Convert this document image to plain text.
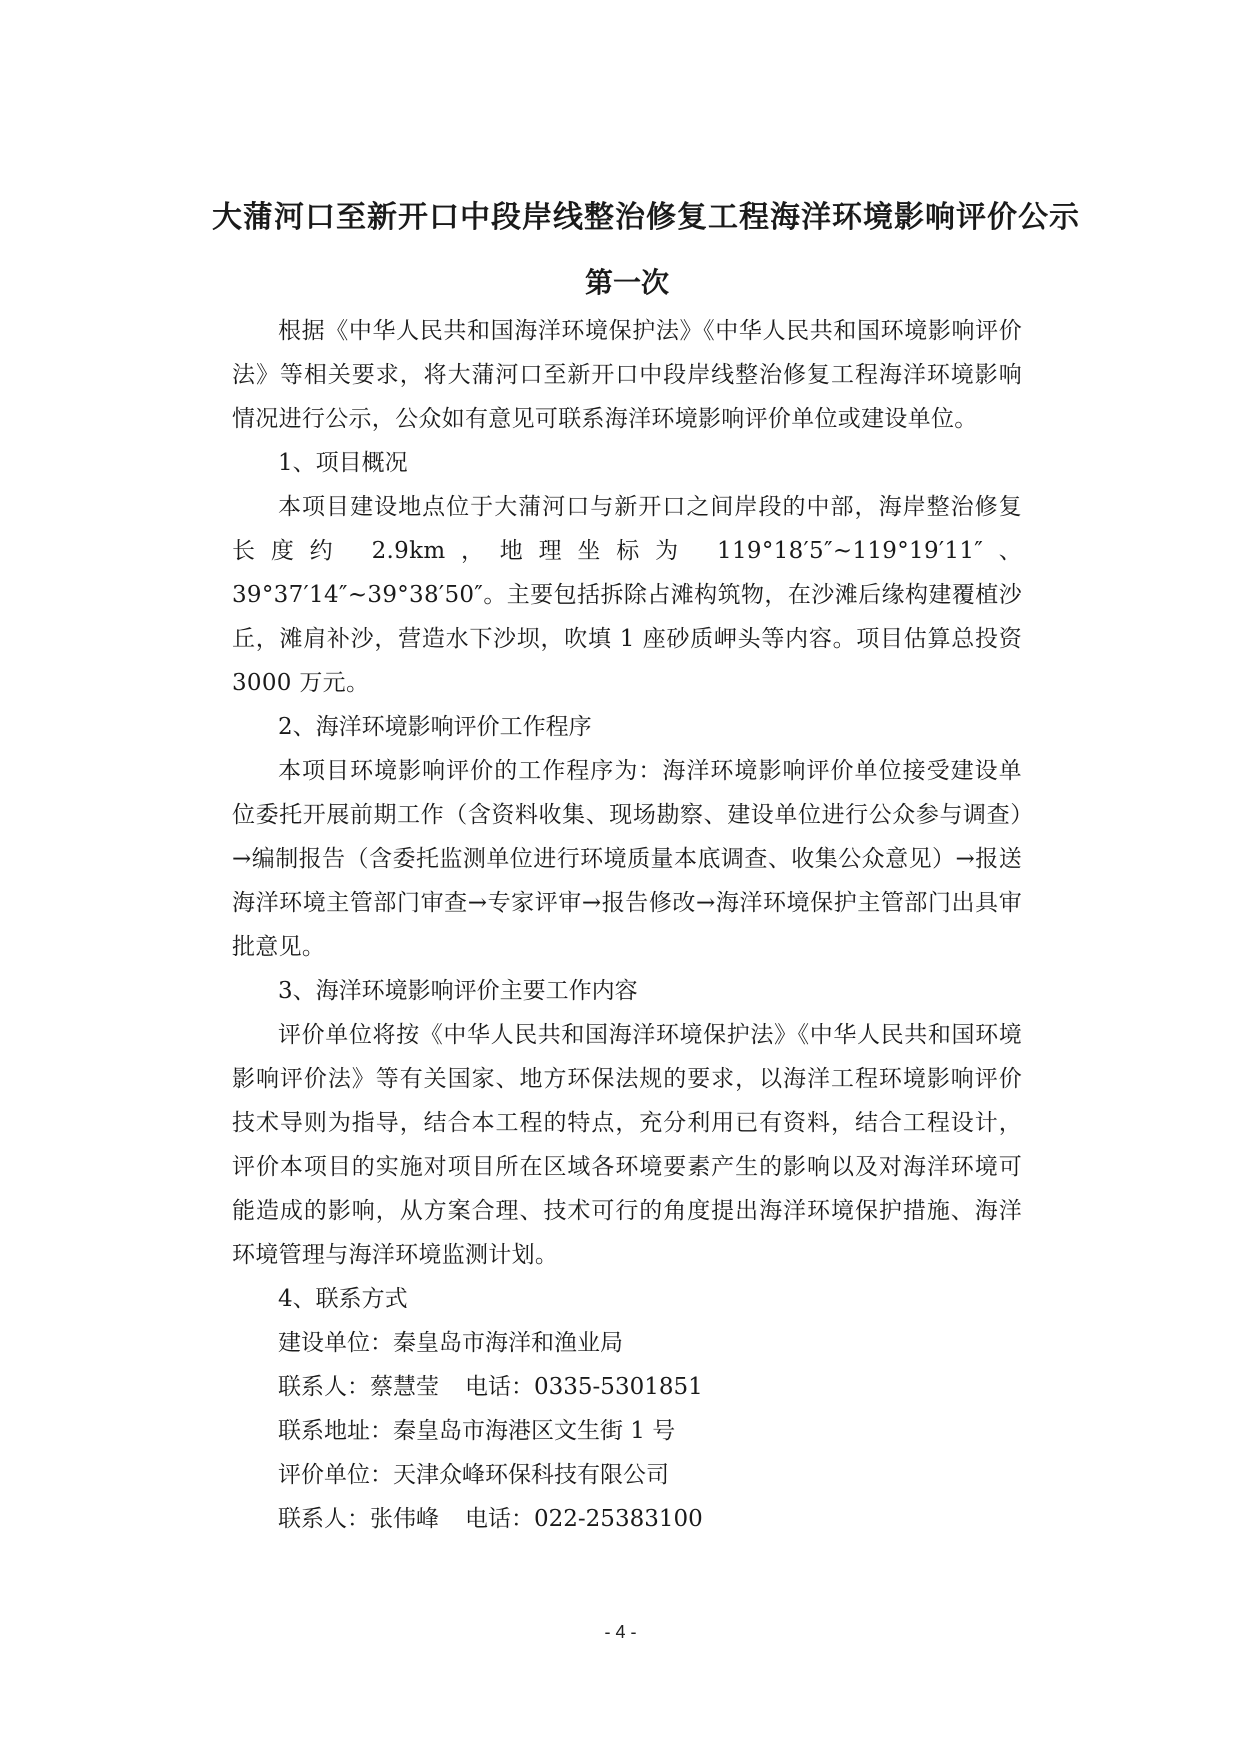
大蒲河口至新开口中段岸线整治修复工程海洋环境影响评价公示
第一次

根据《中华人民共和国海洋环境保护法》《中华人民共和国环境影响评价法》等相关要求，将大蒲河口至新开口中段岸线整治修复工程海洋环境影响情况进行公示，公众如有意见可联系海洋环境影响评价单位或建设单位。

1、项目概况

本项目建设地点位于大蒲河口与新开口之间岸段的中部，海岸整治修复长度约 2.9km，地理坐标为 119°18′5″~119°19′11″、39°37′14″~39°38′50″。主要包括拆除占滩构筑物，在沙滩后缘构建覆植沙丘，滩肩补沙，营造水下沙坝，吹填 1 座砂质岬头等内容。项目估算总投资 3000 万元。

2、海洋环境影响评价工作程序

本项目环境影响评价的工作程序为：海洋环境影响评价单位接受建设单位委托开展前期工作（含资料收集、现场勘察、建设单位进行公众参与调查）→编制报告（含委托监测单位进行环境质量本底调查、收集公众意见）→报送海洋环境主管部门审查→专家评审→报告修改→海洋环境保护主管部门出具审批意见。

3、海洋环境影响评价主要工作内容

评价单位将按《中华人民共和国海洋环境保护法》《中华人民共和国环境影响评价法》等有关国家、地方环保法规的要求，以海洋工程环境影响评价技术导则为指导，结合本工程的特点，充分利用已有资料，结合工程设计，评价本项目的实施对项目所在区域各环境要素产生的影响以及对海洋环境可能造成的影响，从方案合理、技术可行的角度提出海洋环境保护措施、海洋环境管理与海洋环境监测计划。

4、联系方式

建设单位：秦皇岛市海洋和渔业局

联系人：蔡慧莹 电话：0335-5301851

联系地址：秦皇岛市海港区文生街 1 号

评价单位：天津众峰环保科技有限公司

联系人：张伟峰 电话：022-25383100

- 4 -
